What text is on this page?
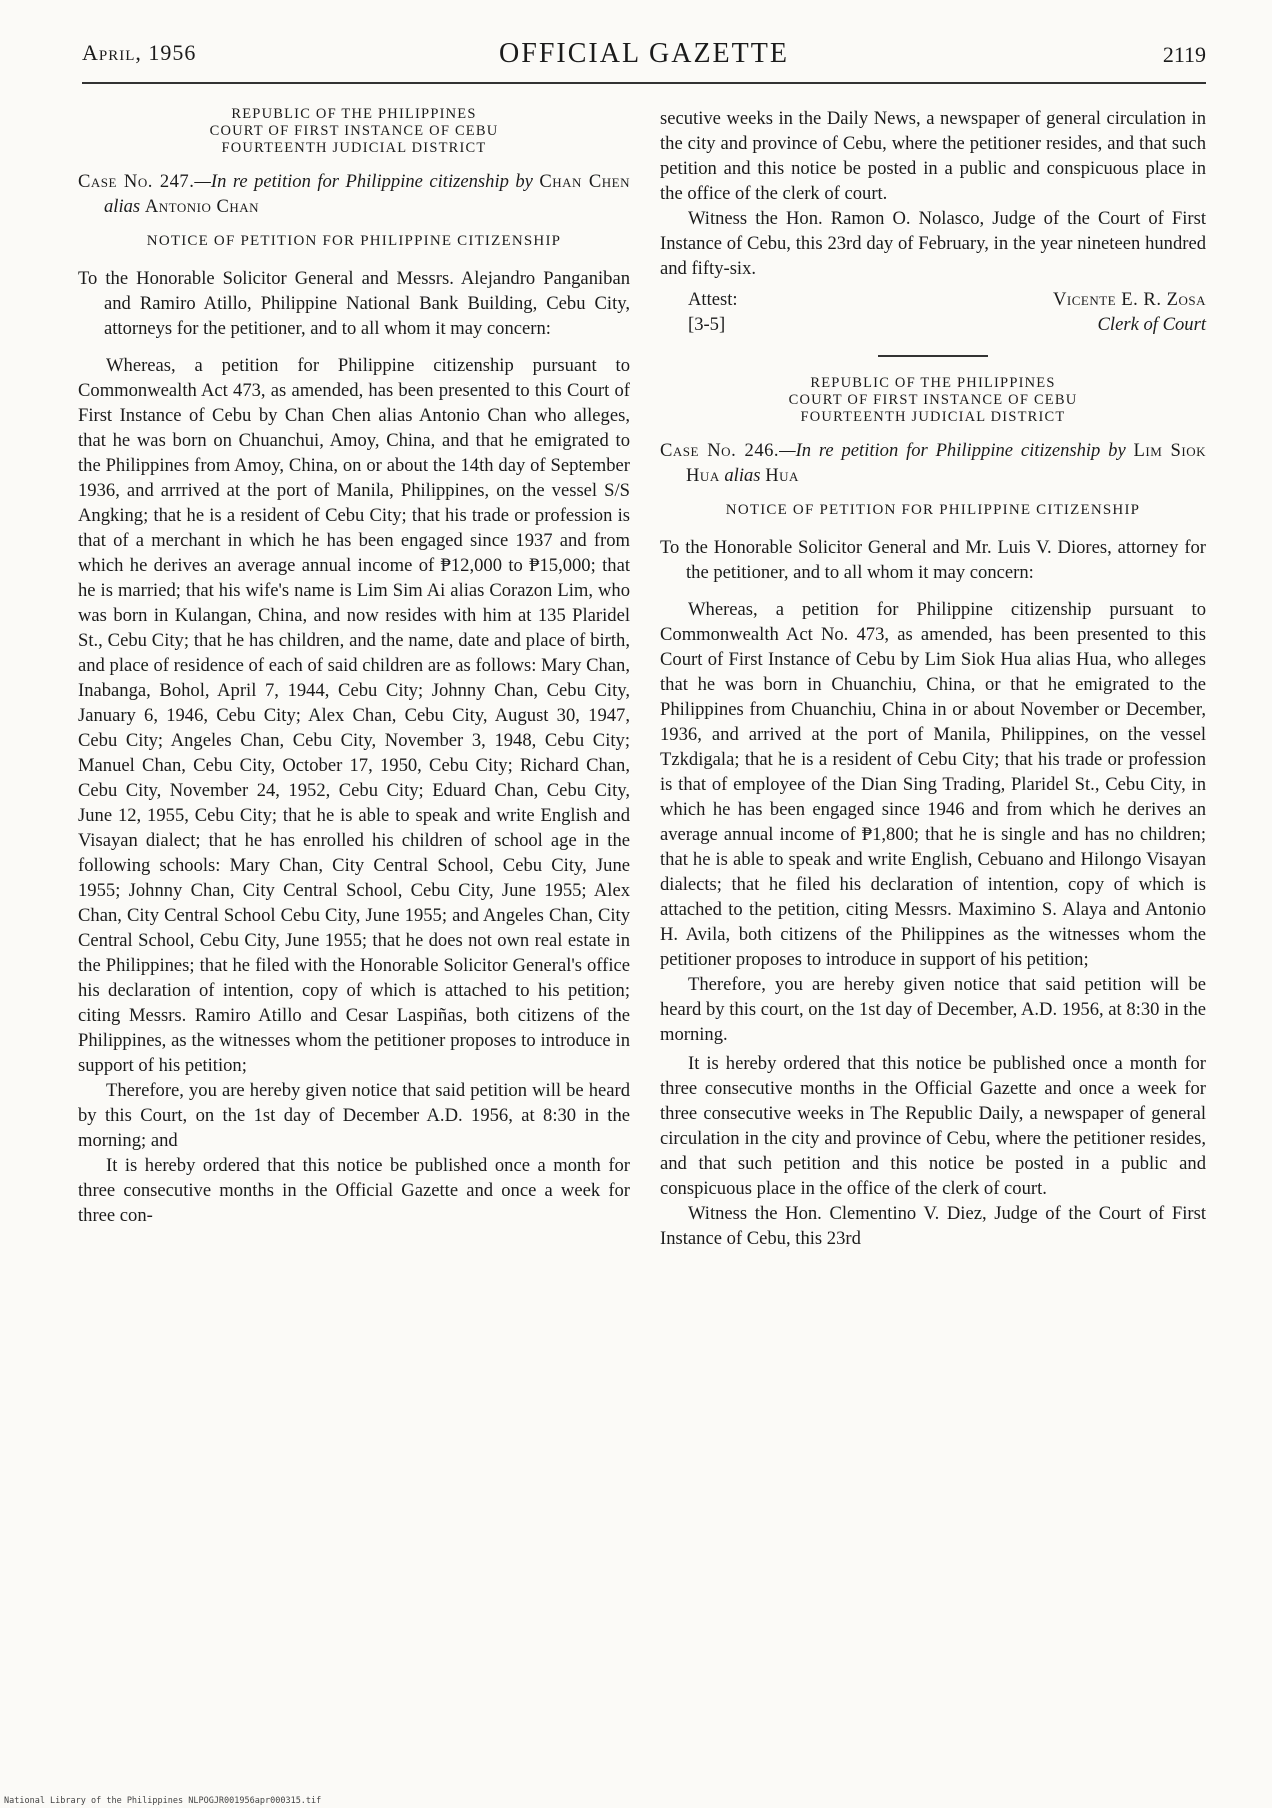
April, 1956	OFFICIAL GAZETTE	2119
REPUBLIC OF THE PHILIPPINES
COURT OF FIRST INSTANCE OF CEBU
FOURTEENTH JUDICIAL DISTRICT

Case No. 247.—In re petition for Philippine citizenship by Chan Chen alias Antonio Chan

NOTICE OF PETITION FOR PHILIPPINE CITIZENSHIP

To the Honorable Solicitor General and Messrs. Alejandro Panganiban and Ramiro Atillo, Philippine National Bank Building, Cebu City, attorneys for the petitioner, and to all whom it may concern:

Whereas, a petition for Philippine citizenship pursuant to Commonwealth Act 473, as amended, has been presented to this Court of First Instance of Cebu by Chan Chen alias Antonio Chan who alleges, that he was born on Chuanchui, Amoy, China, and that he emigrated to the Philippines from Amoy, China, on or about the 14th day of September 1936, and arrrived at the port of Manila, Philippines, on the vessel S/S Angking; that he is a resident of Cebu City; that his trade or profession is that of a merchant in which he has been engaged since 1937 and from which he derives an average annual income of ₱12,000 to ₱15,000; that he is married; that his wife's name is Lim Sim Ai alias Corazon Lim, who was born in Kulangan, China, and now resides with him at 135 Plaridel St., Cebu City; that he has children, and the name, date and place of birth, and place of residence of each of said children are as follows: Mary Chan, Inabanga, Bohol, April 7, 1944, Cebu City; Johnny Chan, Cebu City, January 6, 1946, Cebu City; Alex Chan, Cebu City, August 30, 1947, Cebu City; Angeles Chan, Cebu City, November 3, 1948, Cebu City; Manuel Chan, Cebu City, October 17, 1950, Cebu City; Richard Chan, Cebu City, November 24, 1952, Cebu City; Eduard Chan, Cebu City, June 12, 1955, Cebu City; that he is able to speak and write English and Visayan dialect; that he has enrolled his children of school age in the following schools: Mary Chan, City Central School, Cebu City, June 1955; Johnny Chan, City Central School, Cebu City, June 1955; Alex Chan, City Central School Cebu City, June 1955; and Angeles Chan, City Central School, Cebu City, June 1955; that he does not own real estate in the Philippines; that he filed with the Honorable Solicitor General's office his declaration of intention, copy of which is attached to his petition; citing Messrs. Ramiro Atillo and Cesar Laspiñas, both citizens of the Philippines, as the witnesses whom the petitioner proposes to introduce in support of his petition;

Therefore, you are hereby given notice that said petition will be heard by this Court, on the 1st day of December A.D. 1956, at 8:30 in the morning; and

It is hereby ordered that this notice be published once a month for three consecutive months in the Official Gazette and once a week for three con-

secutive weeks in the Daily News, a newspaper of general circulation in the city and province of Cebu, where the petitioner resides, and that such petition and this notice be posted in a public and conspicuous place in the office of the clerk of court.

Witness the Hon. Ramon O. Nolasco, Judge of the Court of First Instance of Cebu, this 23rd day of February, in the year nineteen hundred and fifty-six.

Attest:
[3-5]
Vicente E. R. Zosa
Clerk of Court
REPUBLIC OF THE PHILIPPINES
COURT OF FIRST INSTANCE OF CEBU
FOURTEENTH JUDICIAL DISTRICT

Case No. 246.—In re petition for Philippine citizenship by Lim Siok Hua alias Hua

NOTICE OF PETITION FOR PHILIPPINE CITIZENSHIP

To the Honorable Solicitor General and Mr. Luis V. Diores, attorney for the petitioner, and to all whom it may concern:

Whereas, a petition for Philippine citizenship pursuant to Commonwealth Act No. 473, as amended, has been presented to this Court of First Instance of Cebu by Lim Siok Hua alias Hua, who alleges that he was born in Chuanchiu, China, or that he emigrated to the Philippines from Chuanchiu, China in or about November or December, 1936, and arrived at the port of Manila, Philippines, on the vessel Tzkdigala; that he is a resident of Cebu City; that his trade or profession is that of employee of the Dian Sing Trading, Plaridel St., Cebu City, in which he has been engaged since 1946 and from which he derives an average annual income of ₱1,800; that he is single and has no children; that he is able to speak and write English, Cebuano and Hilongo Visayan dialects; that he filed his declaration of intention, copy of which is attached to the petition, citing Messrs. Maximino S. Alaya and Antonio H. Avila, both citizens of the Philippines as the witnesses whom the petitioner proposes to introduce in support of his petition;

Therefore, you are hereby given notice that said petition will be heard by this court, on the 1st day of December, A.D. 1956, at 8:30 in the morning.

It is hereby ordered that this notice be published once a month for three consecutive months in the Official Gazette and once a week for three consecutive weeks in The Republic Daily, a newspaper of general circulation in the city and province of Cebu, where the petitioner resides, and that such petition and this notice be posted in a public and conspicuous place in the office of the clerk of court.

Witness the Hon. Clementino V. Diez, Judge of the Court of First Instance of Cebu, this 23rd

National Library of the Philippines NLPOGJR001956apr000315.tif
